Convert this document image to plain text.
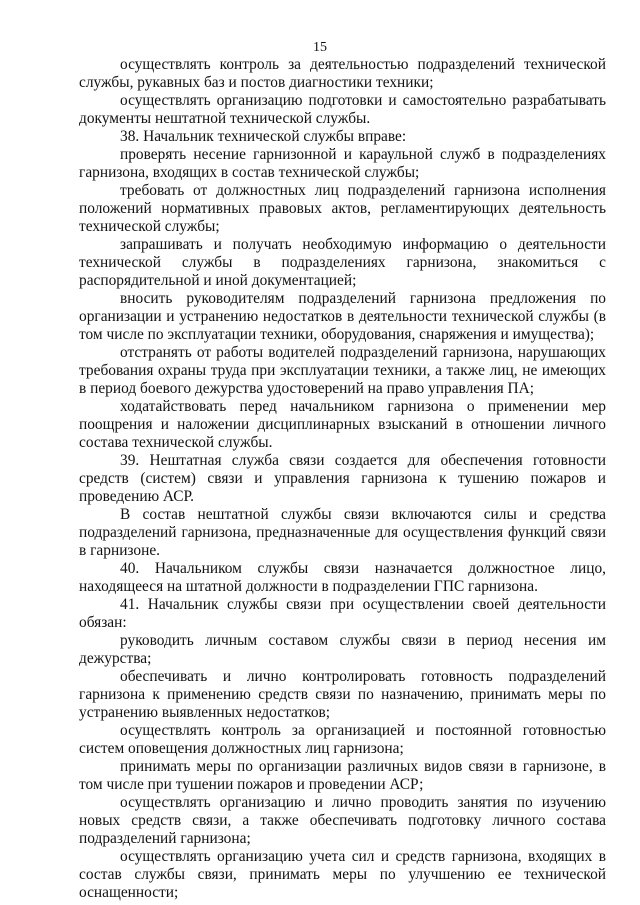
15

осуществлять контроль за деятельностью подразделений технической службы, рукавных баз и постов диагностики техники;

осуществлять организацию подготовки и самостоятельно разрабатывать документы нештатной технической службы.

38. Начальник технической службы вправе:

проверять несение гарнизонной и караульной служб в подразделениях гарнизона, входящих в состав технической службы;

требовать от должностных лиц подразделений гарнизона исполнения положений нормативных правовых актов, регламентирующих деятельность технической службы;

запрашивать и получать необходимую информацию о деятельности технической службы в подразделениях гарнизона, знакомиться с распорядительной и иной документацией;

вносить руководителям подразделений гарнизона предложения по организации и устранению недостатков в деятельности технической службы (в том числе по эксплуатации техники, оборудования, снаряжения и имущества);

отстранять от работы водителей подразделений гарнизона, нарушающих требования охраны труда при эксплуатации техники, а также лиц, не имеющих в период боевого дежурства удостоверений на право управления ПА;

ходатайствовать перед начальником гарнизона о применении мер поощрения и наложении дисциплинарных взысканий в отношении личного состава технической службы.

39. Нештатная служба связи создается для обеспечения готовности средств (систем) связи и управления гарнизона к тушению пожаров и проведению АСР.

В состав нештатной службы связи включаются силы и средства подразделений гарнизона, предназначенные для осуществления функций связи в гарнизоне.

40. Начальником службы связи назначается должностное лицо, находящееся на штатной должности в подразделении ГПС гарнизона.

41. Начальник службы связи при осуществлении своей деятельности обязан:

руководить личным составом службы связи в период несения им дежурства;

обеспечивать и лично контролировать готовность подразделений гарнизона к применению средств связи по назначению, принимать меры по устранению выявленных недостатков;

осуществлять контроль за организацией и постоянной готовностью систем оповещения должностных лиц гарнизона;

принимать меры по организации различных видов связи в гарнизоне, в том числе при тушении пожаров и проведении АСР;

осуществлять организацию и лично проводить занятия по изучению новых средств связи, а также обеспечивать подготовку личного состава подразделений гарнизона;

осуществлять организацию учета сил и средств гарнизона, входящих в состав службы связи, принимать меры по улучшению ее технической оснащенности;
